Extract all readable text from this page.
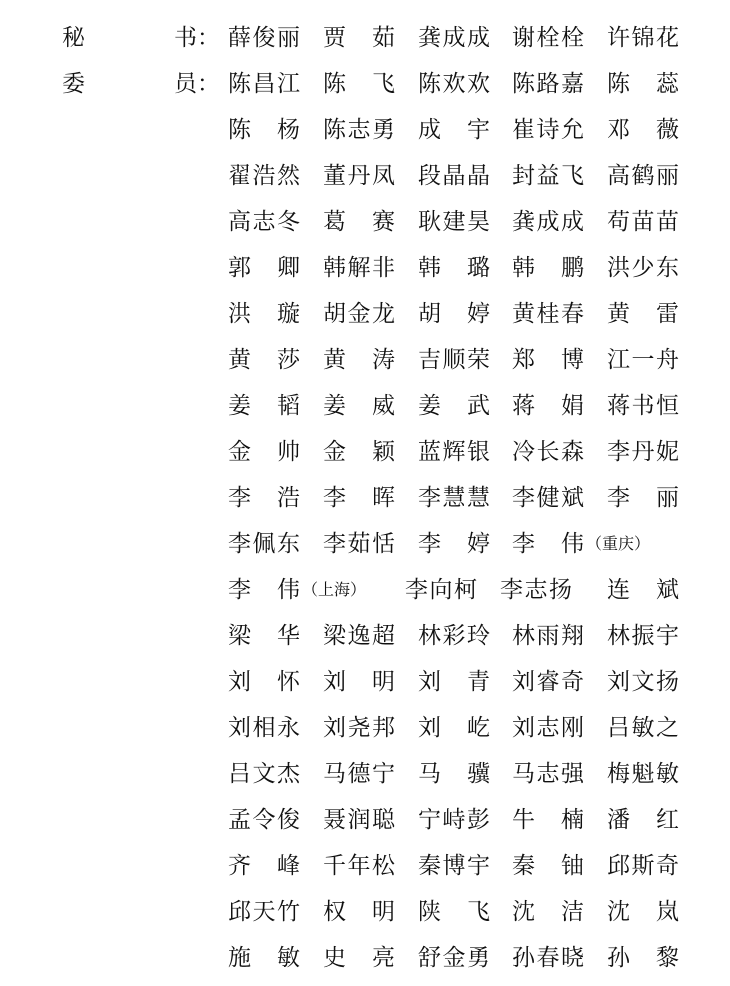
秘	书： 薛 俊 丽 贾 茹 龚 成 成 谢 栓 栓 许 锦 花
委	员： 陈 昌 江 陈 飞 陈 欢 欢 陈 路 嘉 陈 蕊
陈 杨 陈 志 勇 成 宇 崔 诗 允 邓 薇
翟 浩 然 董 丹 凤 段 晶 晶 封 益 飞 高 鹤 丽
高 志 冬 葛 赛 耿 建 昊 龚 成 成 苟 苗 苗
郭 卿 韩 解 非 韩 璐 韩 鹏 洪 少 东
洪 璇 胡 金 龙 胡 婷 黄 桂 春 黄 雷
黄 莎 黄 涛 吉 顺 荣 郑 博 江 一 舟
姜 韬 姜 威 姜 武 蒋 娟 蒋 书 恒
金 帅 金 颖 蓝 辉 银 冷 长 森 李 丹 妮
李 浩 李 晖 李 慧 慧 李 健 斌 李 丽
李 佩 东 李 茹 恬 李 婷 李 伟 （重庆）
李 伟 （上海） 李 向 柯 李 志 扬 连 斌
梁 华 梁 逸 超 林 彩 玲 林 雨 翔 林 振 宇
刘 怀 刘 明 刘 青 刘 睿 奇 刘 文 扬
刘 相 永 刘 尧 邦 刘 屹 刘 志 刚 吕 敏 之
吕 文 杰 马 德 宁 马 骥 马 志 强 梅 魁 敏
孟 令 俊 聂 润 聪 宁 峙 彭 牛 楠 潘 红
齐 峰 千 年 松 秦 博 宇 秦 铀 邱 斯 奇
邱 天 竹 权 明 陕 飞 沈 洁 沈 岚
施 敏 史 亮 舒 金 勇 孙 春 晓 孙 黎
